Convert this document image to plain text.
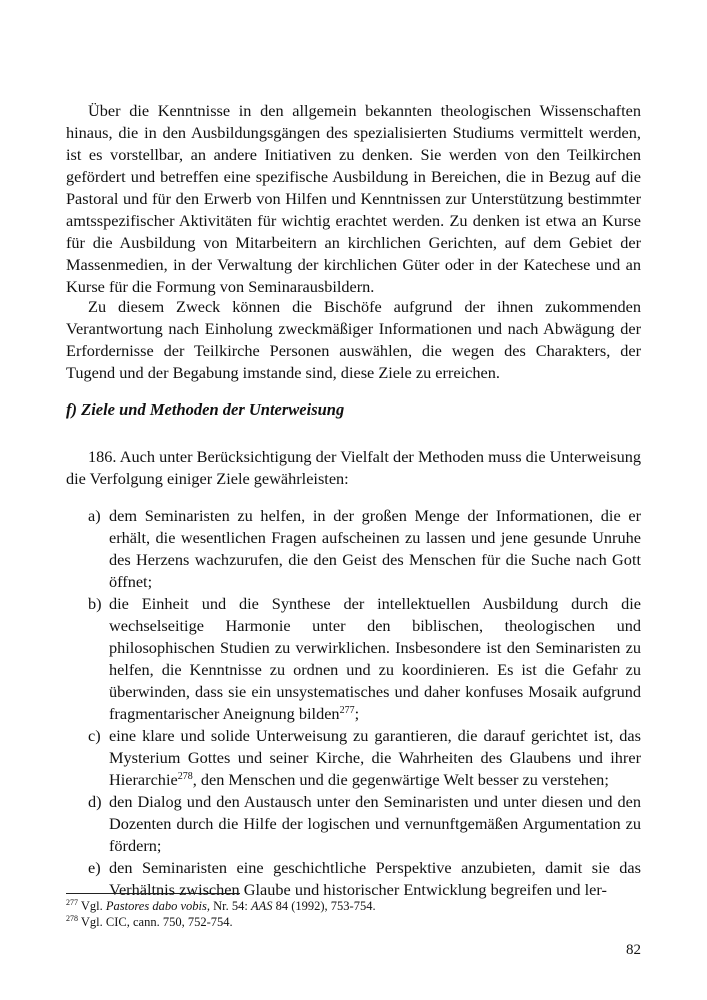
Über die Kenntnisse in den allgemein bekannten theologischen Wissenschaften hinaus, die in den Ausbildungsgängen des spezialisierten Studiums vermittelt werden, ist es vorstellbar, an andere Initiativen zu denken. Sie werden von den Teilkirchen gefördert und betreffen eine spezifische Ausbildung in Bereichen, die in Bezug auf die Pastoral und für den Erwerb von Hilfen und Kenntnissen zur Unterstützung bestimmter amtsspezifischer Aktivitäten für wichtig erachtet werden. Zu denken ist etwa an Kurse für die Ausbildung von Mitarbeitern an kirchlichen Gerichten, auf dem Gebiet der Massenmedien, in der Verwaltung der kirchlichen Güter oder in der Katechese und an Kurse für die Formung von Seminarausbildern.

Zu diesem Zweck können die Bischöfe aufgrund der ihnen zukommenden Verantwortung nach Einholung zweckmäßiger Informationen und nach Abwägung der Erfordernisse der Teilkirche Personen auswählen, die wegen des Charakters, der Tugend und der Begabung imstande sind, diese Ziele zu erreichen.

f) Ziele und Methoden der Unterweisung

186. Auch unter Berücksichtigung der Vielfalt der Methoden muss die Unterweisung die Verfolgung einiger Ziele gewährleisten:

a) dem Seminaristen zu helfen, in der großen Menge der Informationen, die er erhält, die wesentlichen Fragen aufscheinen zu lassen und jene gesunde Unruhe des Herzens wachzurufen, die den Geist des Menschen für die Suche nach Gott öffnet;
b) die Einheit und die Synthese der intellektuellen Ausbildung durch die wechselseitige Harmonie unter den biblischen, theologischen und philosophischen Studien zu verwirklichen. Insbesondere ist den Seminaristen zu helfen, die Kenntnisse zu ordnen und zu koordinieren. Es ist die Gefahr zu überwinden, dass sie ein unsystematisches und daher konfuses Mosaik aufgrund fragmentarischer Aneignung bilden$^{277}$;
c) eine klare und solide Unterweisung zu garantieren, die darauf gerichtet ist, das Mysterium Gottes und seiner Kirche, die Wahrheiten des Glaubens und ihrer Hierarchie$^{278}$, den Menschen und die gegenwärtige Welt besser zu verstehen;
d) den Dialog und den Austausch unter den Seminaristen und unter diesen und den Dozenten durch die Hilfe der logischen und vernunftgemäßen Argumentation zu fördern;
e) den Seminaristen eine geschichtliche Perspektive anzubieten, damit sie das Verhältnis zwischen Glaube und historischer Entwicklung begreifen und ler-

$^{277}$ Vgl. Pastores dabo vobis, Nr. 54: AAS 84 (1992), 753-754.

$^{278}$ Vgl. CIC, cann. 750, 752-754.

82
